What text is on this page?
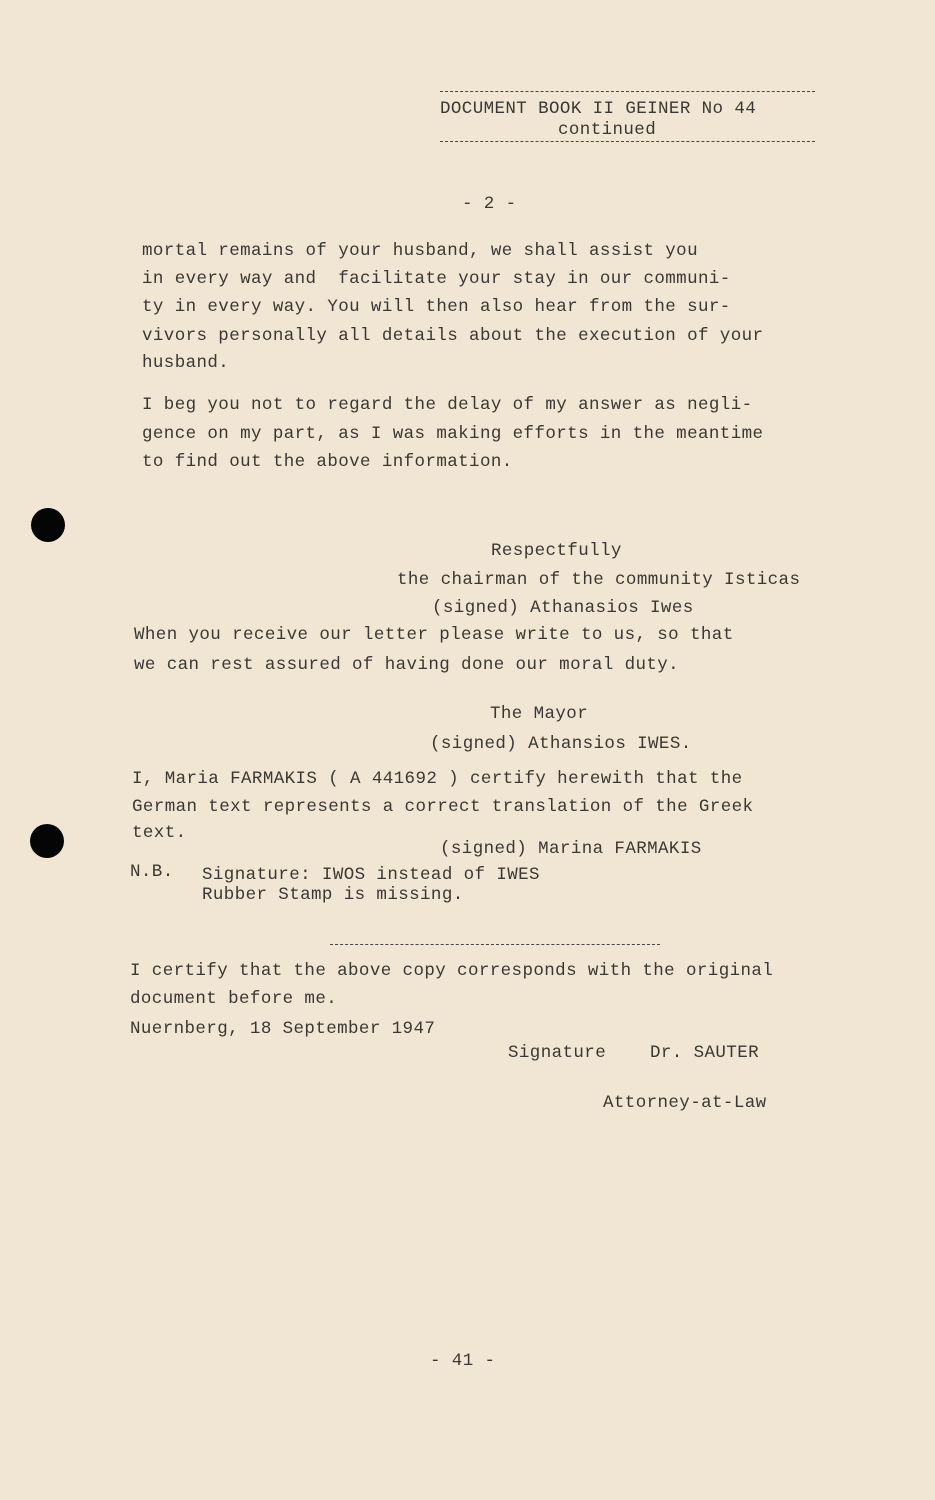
DOCUMENT BOOK II GEINER No 44
continued
- 2 -
mortal remains of your husband, we shall assist you
in every way and  facilitate your stay in our communi-
ty in every way. You will then also hear from the sur-
vivors personally all details about the execution of your
husband.
I beg you not to regard the delay of my answer as negli-
gence on my part, as I was making efforts in the meantime
to find out the above information.
Respectfully
the chairman of the community Isticas
(signed) Athanasios Iwes
When you receive our letter please write to us, so that
we can rest assured of having done our moral duty.
The Mayor
(signed) Athansios IWES.
I, Maria FARMAKIS ( A 441692 ) certify herewith that the
German text represents a correct translation of the Greek
text.
(signed) Marina FARMAKIS
N.B. Signature: IWOS instead of IWES
Rubber Stamp is missing.
I certify that the above copy corresponds with the original
document before me.
Nuernberg, 18 September 1947
Signature	Dr. SAUTER
Attorney-at-Law
- 41 -
